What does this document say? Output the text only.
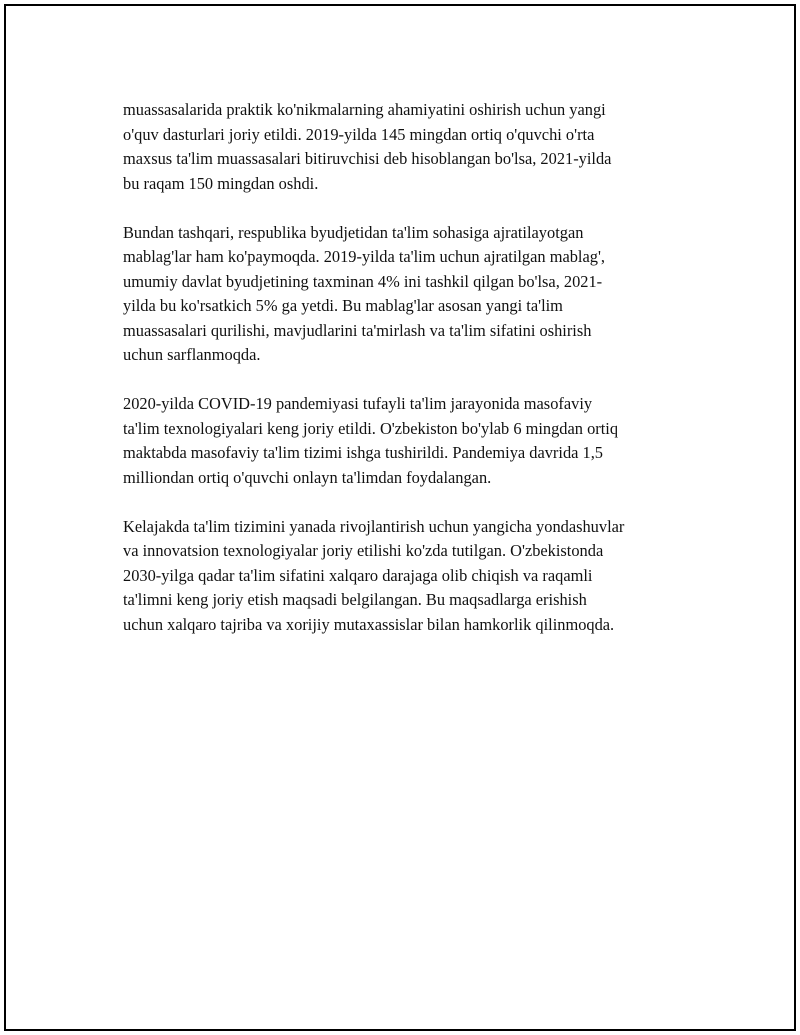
muassasalarida praktik ko'nikmalarning ahamiyatini oshirish uchun yangi
o'quv dasturlari joriy etildi. 2019-yilda 145 mingdan ortiq o'quvchi o'rta
maxsus ta'lim muassasalari bitiruvchisi deb hisoblangan bo'lsa, 2021-yilda
bu raqam 150 mingdan oshdi.

Bundan tashqari, respublika byudjetidan ta'lim sohasiga ajratilayotgan
mablag'lar ham ko'paymoqda. 2019-yilda ta'lim uchun ajratilgan mablag',
umumiy davlat byudjetining taxminan 4% ini tashkil qilgan bo'lsa, 2021-
yilda bu ko'rsatkich 5% ga yetdi. Bu mablag'lar asosan yangi ta'lim
muassasalari qurilishi, mavjudlarini ta'mirlash va ta'lim sifatini oshirish
uchun sarflanmoqda.

2020-yilda COVID-19 pandemiyasi tufayli ta'lim jarayonida masofaviy
ta'lim texnologiyalari keng joriy etildi. O'zbekiston bo'ylab 6 mingdan ortiq
maktabda masofaviy ta'lim tizimi ishga tushirildi. Pandemiya davrida 1,5
milliondan ortiq o'quvchi onlayn ta'limdan foydalangan.

Kelajakda ta'lim tizimini yanada rivojlantirish uchun yangicha yondashuvlar
va innovatsion texnologiyalar joriy etilishi ko'zda tutilgan. O'zbekistonda
2030-yilga qadar ta'lim sifatini xalqaro darajaga olib chiqish va raqamli
ta'limni keng joriy etish maqsadi belgilangan. Bu maqsadlarga erishish
uchun xalqaro tajriba va xorijiy mutaxassislar bilan hamkorlik qilinmoqda.
